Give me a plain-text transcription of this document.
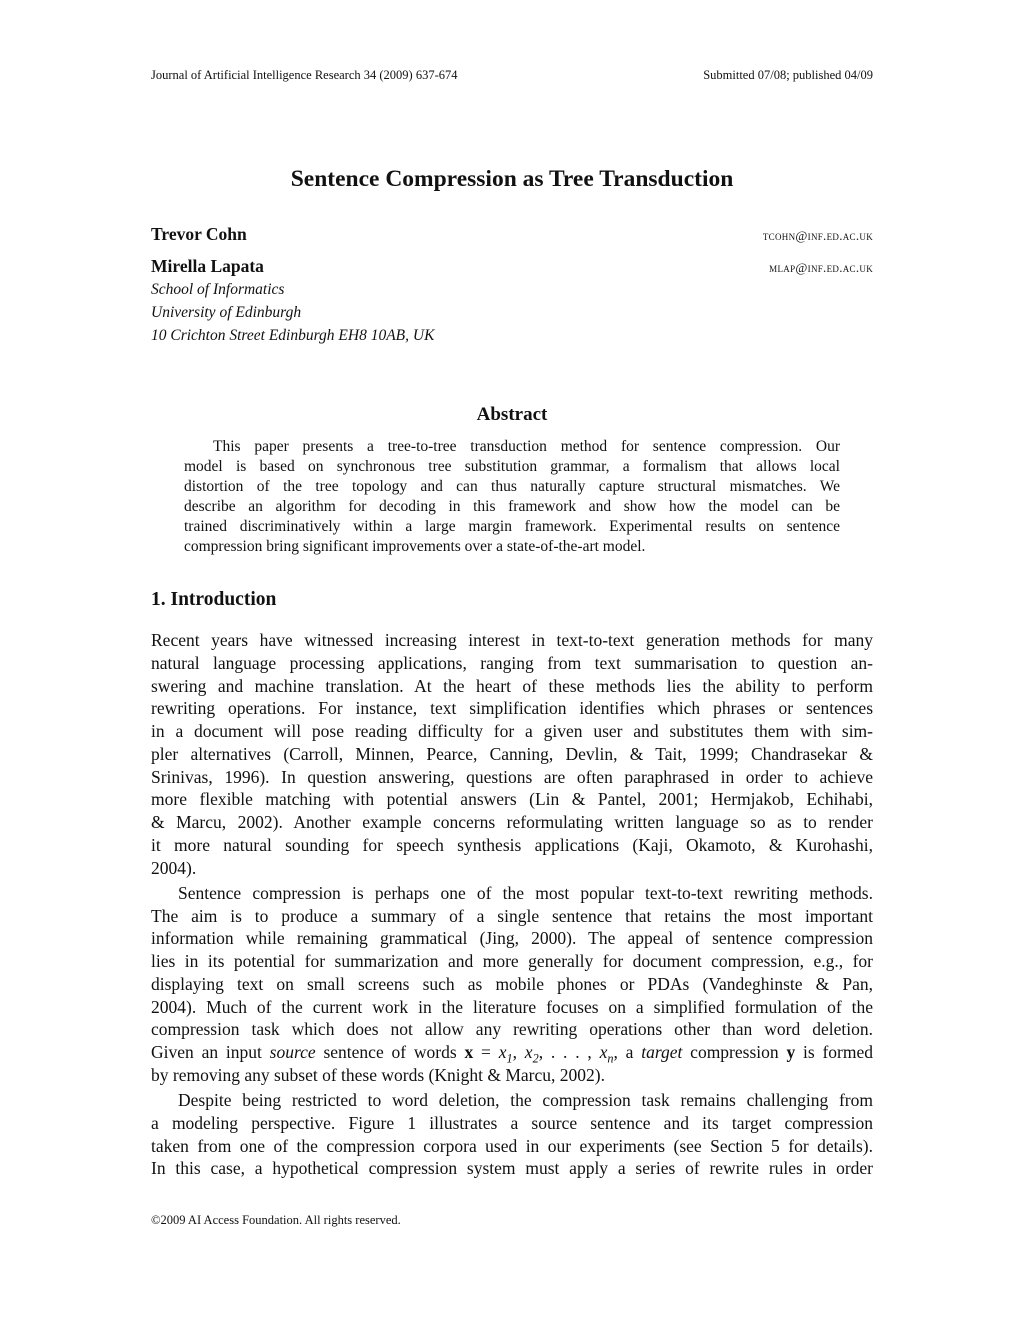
Journal of Artificial Intelligence Research 34 (2009) 637-674	Submitted 07/08; published 04/09
Sentence Compression as Tree Transduction
Trevor Cohn	tcohn@inf.ed.ac.uk
Mirella Lapata	mlap@inf.ed.ac.uk
School of Informatics
University of Edinburgh
10 Crichton Street Edinburgh EH8 10AB, UK
Abstract
This paper presents a tree-to-tree transduction method for sentence compression. Our
model is based on synchronous tree substitution grammar, a formalism that allows local
distortion of the tree topology and can thus naturally capture structural mismatches. We
describe an algorithm for decoding in this framework and show how the model can be
trained discriminatively within a large margin framework. Experimental results on sentence
compression bring significant improvements over a state-of-the-art model.
1. Introduction
Recent years have witnessed increasing interest in text-to-text generation methods for many
natural language processing applications, ranging from text summarisation to question an-
swering and machine translation. At the heart of these methods lies the ability to perform
rewriting operations. For instance, text simplification identifies which phrases or sentences
in a document will pose reading difficulty for a given user and substitutes them with sim-
pler alternatives (Carroll, Minnen, Pearce, Canning, Devlin, & Tait, 1999; Chandrasekar &
Srinivas, 1996). In question answering, questions are often paraphrased in order to achieve
more flexible matching with potential answers (Lin & Pantel, 2001; Hermjakob, Echihabi,
& Marcu, 2002). Another example concerns reformulating written language so as to render
it more natural sounding for speech synthesis applications (Kaji, Okamoto, & Kurohashi,
2004).
Sentence compression is perhaps one of the most popular text-to-text rewriting methods.
The aim is to produce a summary of a single sentence that retains the most important
information while remaining grammatical (Jing, 2000). The appeal of sentence compression
lies in its potential for summarization and more generally for document compression, e.g., for
displaying text on small screens such as mobile phones or PDAs (Vandeghinste & Pan,
2004). Much of the current work in the literature focuses on a simplified formulation of the
compression task which does not allow any rewriting operations other than word deletion.
Given an input source sentence of words $x = x_1$, $x_2$, . . . , $x_n$, a target compression y is formed
by removing any subset of these words (Knight & Marcu, 2002).
Despite being restricted to word deletion, the compression task remains challenging from
a modeling perspective. Figure 1 illustrates a source sentence and its target compression
taken from one of the compression corpora used in our experiments (see Section 5 for details).
In this case, a hypothetical compression system must apply a series of rewrite rules in order
©2009 AI Access Foundation. All rights reserved.
